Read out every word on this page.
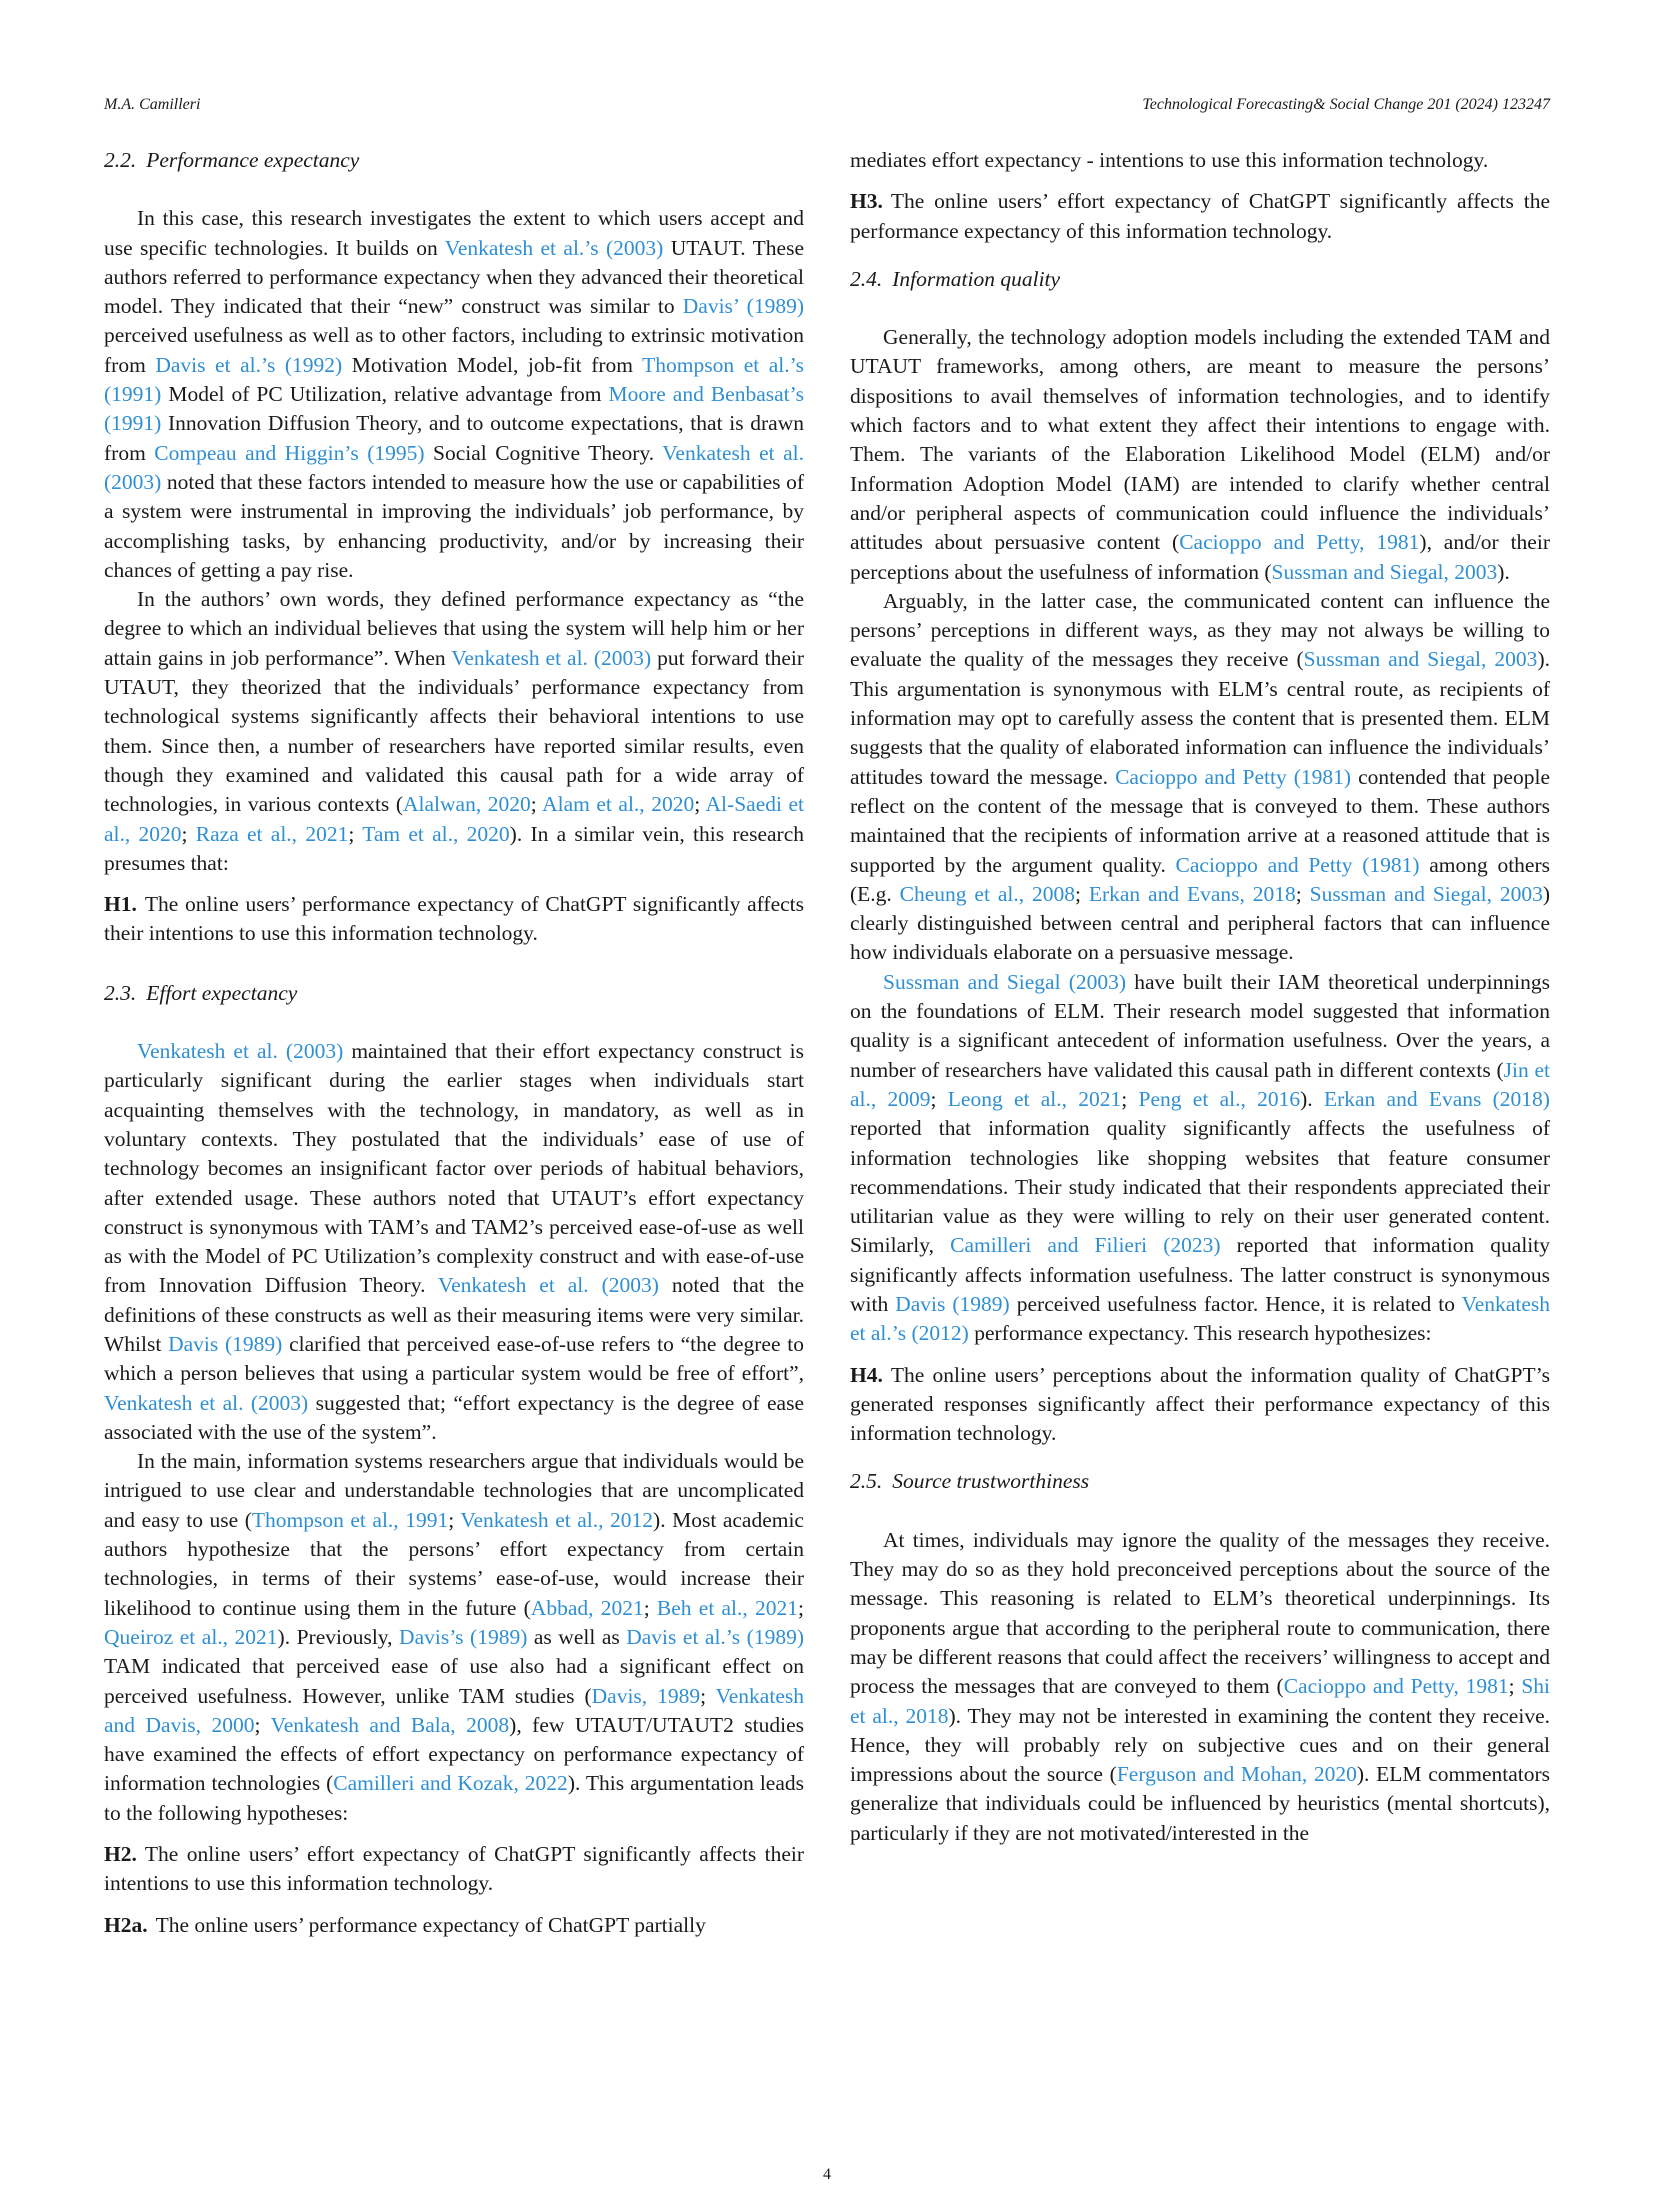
M.A. Camilleri	Technological Forecasting& Social Change 201 (2024) 123247
2.2. Performance expectancy

In this case, this research investigates the extent to which users accept and use specific technologies. It builds on Venkatesh et al.’s (2003) UTAUT. These authors referred to performance expectancy when they advanced their theoretical model. They indicated that their “new” construct was similar to Davis’ (1989) perceived usefulness as well as to other factors, including to extrinsic motivation from Davis et al.’s (1992) Motivation Model, job-fit from Thompson et al.’s (1991) Model of PC Utilization, relative advantage from Moore and Benbasat’s (1991) Innovation Diffusion Theory, and to outcome expectations, that is drawn from Compeau and Higgin’s (1995) Social Cognitive Theory. Venkatesh et al. (2003) noted that these factors intended to measure how the use or capabilities of a system were instrumental in improving the individuals’ job performance, by accomplishing tasks, by enhancing productivity, and/or by increasing their chances of getting a pay rise.

In the authors’ own words, they defined performance expectancy as “the degree to which an individual believes that using the system will help him or her attain gains in job performance”. When Venkatesh et al. (2003) put forward their UTAUT, they theorized that the individuals’ performance expectancy from technological systems significantly affects their behavioral intentions to use them. Since then, a number of researchers have reported similar results, even though they examined and validated this causal path for a wide array of technologies, in various contexts (Alalwan, 2020; Alam et al., 2020; Al-Saedi et al., 2020; Raza et al., 2021; Tam et al., 2020). In a similar vein, this research presumes that:

H1. The online users’ performance expectancy of ChatGPT significantly affects their intentions to use this information technology.

2.3. Effort expectancy

Venkatesh et al. (2003) maintained that their effort expectancy construct is particularly significant during the earlier stages when individuals start acquainting themselves with the technology, in mandatory, as well as in voluntary contexts. They postulated that the individuals’ ease of use of technology becomes an insignificant factor over periods of habitual behaviors, after extended usage. These authors noted that UTAUT’s effort expectancy construct is synonymous with TAM’s and TAM2’s perceived ease-of-use as well as with the Model of PC Utilization’s complexity construct and with ease-of-use from Innovation Diffusion Theory. Venkatesh et al. (2003) noted that the definitions of these constructs as well as their measuring items were very similar. Whilst Davis (1989) clarified that perceived ease-of-use refers to “the degree to which a person believes that using a particular system would be free of effort”, Venkatesh et al. (2003) suggested that; “effort expectancy is the degree of ease associated with the use of the system”.

In the main, information systems researchers argue that individuals would be intrigued to use clear and understandable technologies that are uncomplicated and easy to use (Thompson et al., 1991; Venkatesh et al., 2012). Most academic authors hypothesize that the persons’ effort expectancy from certain technologies, in terms of their systems’ ease-of-use, would increase their likelihood to continue using them in the future (Abbad, 2021; Beh et al., 2021; Queiroz et al., 2021). Previously, Davis’s (1989) as well as Davis et al.’s (1989) TAM indicated that perceived ease of use also had a significant effect on perceived usefulness. However, unlike TAM studies (Davis, 1989; Venkatesh and Davis, 2000; Venkatesh and Bala, 2008), few UTAUT/UTAUT2 studies have examined the effects of effort expectancy on performance expectancy of information technologies (Camilleri and Kozak, 2022). This argumentation leads to the following hypotheses:

H2. The online users’ effort expectancy of ChatGPT significantly affects their intentions to use this information technology.

H2a. The online users’ performance expectancy of ChatGPT partially

mediates effort expectancy - intentions to use this information technology.

H3. The online users’ effort expectancy of ChatGPT significantly affects the performance expectancy of this information technology.

2.4. Information quality

Generally, the technology adoption models including the extended TAM and UTAUT frameworks, among others, are meant to measure the persons’ dispositions to avail themselves of information technologies, and to identify which factors and to what extent they affect their intentions to engage with. Them. The variants of the Elaboration Likelihood Model (ELM) and/or Information Adoption Model (IAM) are intended to clarify whether central and/or peripheral aspects of communication could influence the individuals’ attitudes about persuasive content (Cacioppo and Petty, 1981), and/or their perceptions about the usefulness of information (Sussman and Siegal, 2003).

Arguably, in the latter case, the communicated content can influence the persons’ perceptions in different ways, as they may not always be willing to evaluate the quality of the messages they receive (Sussman and Siegal, 2003). This argumentation is synonymous with ELM’s central route, as recipients of information may opt to carefully assess the content that is presented them. ELM suggests that the quality of elaborated information can influence the individuals’ attitudes toward the message. Cacioppo and Petty (1981) contended that people reflect on the content of the message that is conveyed to them. These authors maintained that the recipients of information arrive at a reasoned attitude that is supported by the argument quality. Cacioppo and Petty (1981) among others (E.g. Cheung et al., 2008; Erkan and Evans, 2018; Sussman and Siegal, 2003) clearly distinguished between central and peripheral factors that can influence how individuals elaborate on a persuasive message.

Sussman and Siegal (2003) have built their IAM theoretical underpinnings on the foundations of ELM. Their research model suggested that information quality is a significant antecedent of information usefulness. Over the years, a number of researchers have validated this causal path in different contexts (Jin et al., 2009; Leong et al., 2021; Peng et al., 2016). Erkan and Evans (2018) reported that information quality significantly affects the usefulness of information technologies like shopping websites that feature consumer recommendations. Their study indicated that their respondents appreciated their utilitarian value as they were willing to rely on their user generated content. Similarly, Camilleri and Filieri (2023) reported that information quality significantly affects information usefulness. The latter construct is synonymous with Davis (1989) perceived usefulness factor. Hence, it is related to Venkatesh et al.’s (2012) performance expectancy. This research hypothesizes:

H4. The online users’ perceptions about the information quality of ChatGPT’s generated responses significantly affect their performance expectancy of this information technology.

2.5. Source trustworthiness

At times, individuals may ignore the quality of the messages they receive. They may do so as they hold preconceived perceptions about the source of the message. This reasoning is related to ELM’s theoretical underpinnings. Its proponents argue that according to the peripheral route to communication, there may be different reasons that could affect the receivers’ willingness to accept and process the messages that are conveyed to them (Cacioppo and Petty, 1981; Shi et al., 2018). They may not be interested in examining the content they receive. Hence, they will probably rely on subjective cues and on their general impressions about the source (Ferguson and Mohan, 2020). ELM commentators generalize that individuals could be influenced by heuristics (mental shortcuts), particularly if they are not motivated/interested in the

4
